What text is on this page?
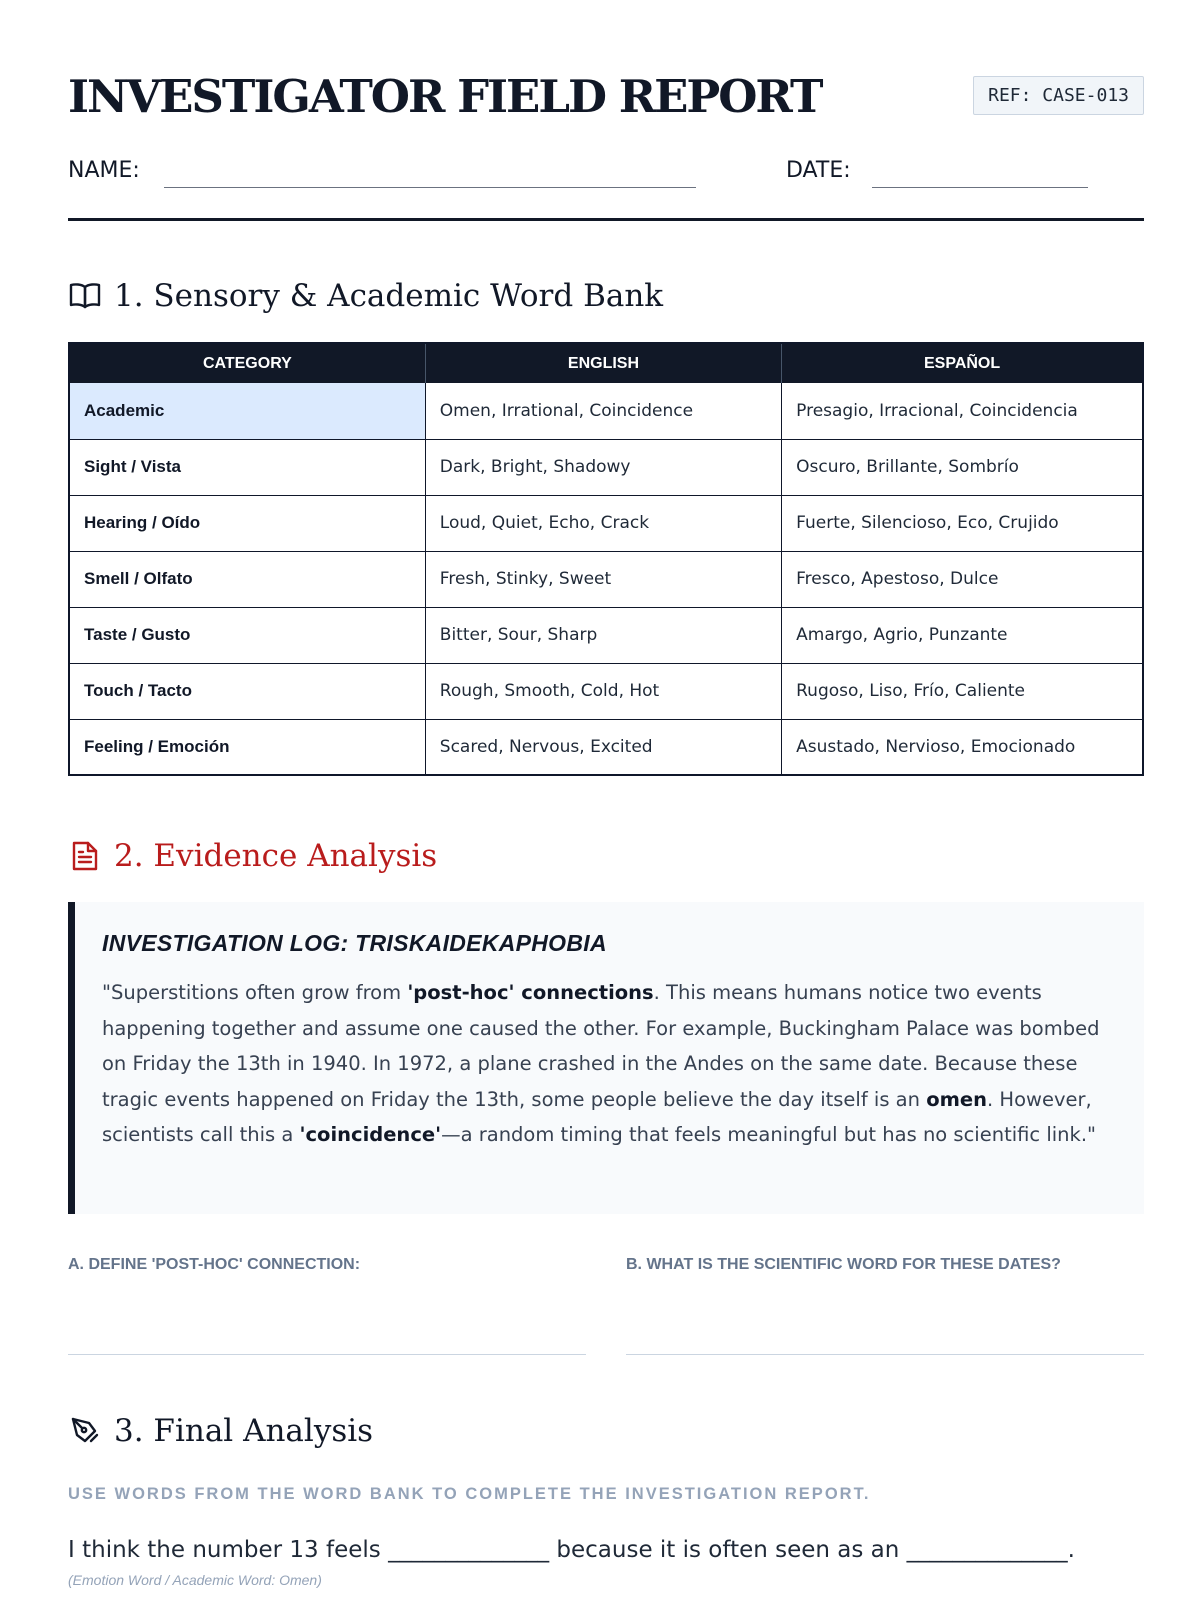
INVESTIGATOR FIELD REPORT	REF: CASE-013
NAME:	DATE:
1. Sensory & Academic Word Bank
CATEGORY	ENGLISH	ESPAÑOL
Academic	Omen, Irrational, Coincidence	Presagio, Irracional, Coincidencia
Sight / Vista	Dark, Bright, Shadowy	Oscuro, Brillante, Sombrío
Hearing / Oído	Loud, Quiet, Echo, Crack	Fuerte, Silencioso, Eco, Crujido
Smell / Olfato	Fresh, Stinky, Sweet	Fresco, Apestoso, Dulce
Taste / Gusto	Bitter, Sour, Sharp	Amargo, Agrio, Punzante
Touch / Tacto	Rough, Smooth, Cold, Hot	Rugoso, Liso, Frío, Caliente
Feeling / Emoción	Scared, Nervous, Excited	Asustado, Nervioso, Emocionado
2. Evidence Analysis
INVESTIGATION LOG: TRISKAIDEKAPHOBIA

"Superstitions often grow from 'post-hoc' connections. This means humans notice two events happening together and assume one caused the other. For example, Buckingham Palace was bombed on Friday the 13th in 1940. In 1972, a plane crashed in the Andes on the same date. Because these tragic events happened on Friday the 13th, some people believe the day itself is an omen. However, scientists call this a 'coincidence'—a random timing that feels meaningful but has no scientific link."

A. DEFINE 'POST-HOC' CONNECTION:	B. WHAT IS THE SCIENTIFIC WORD FOR THESE DATES?
3. Final Analysis
USE WORDS FROM THE WORD BANK TO COMPLETE THE INVESTIGATION REPORT.
I think the number 13 feels ______________ because it is often seen as an ______________.
(Emotion Word / Academic Word: Omen)
